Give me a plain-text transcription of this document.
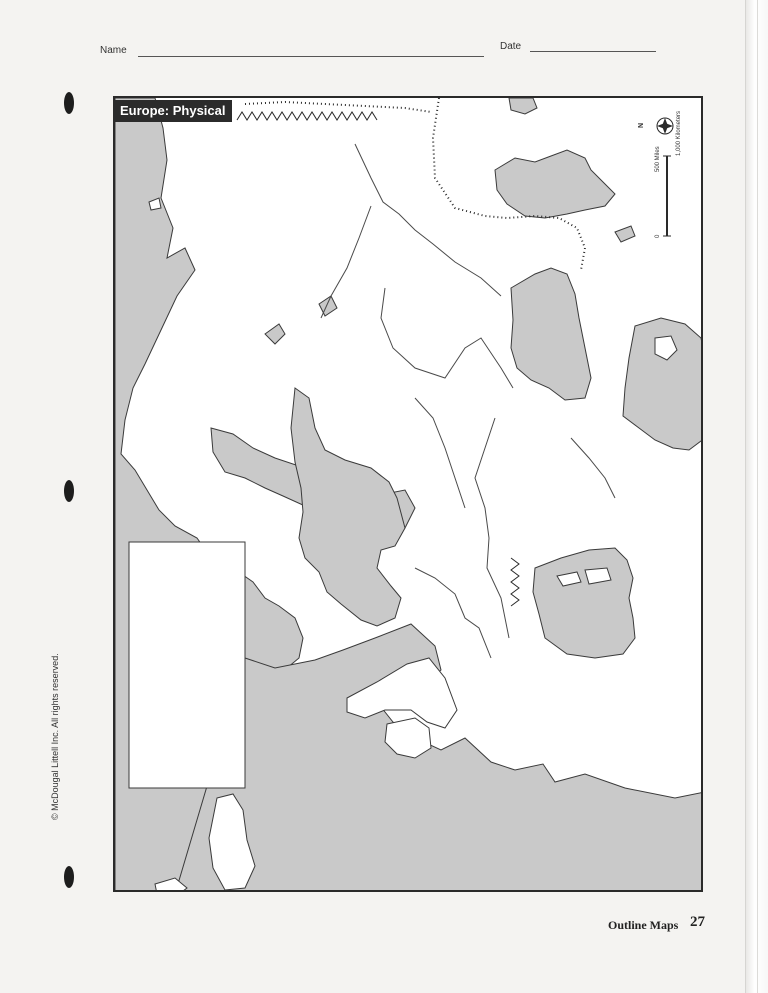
Name	Date
© McDougal Littell Inc. All rights reserved.
Europe: Physical
N
500 Miles
1,000 Kilometers
0
Outline Maps 27
